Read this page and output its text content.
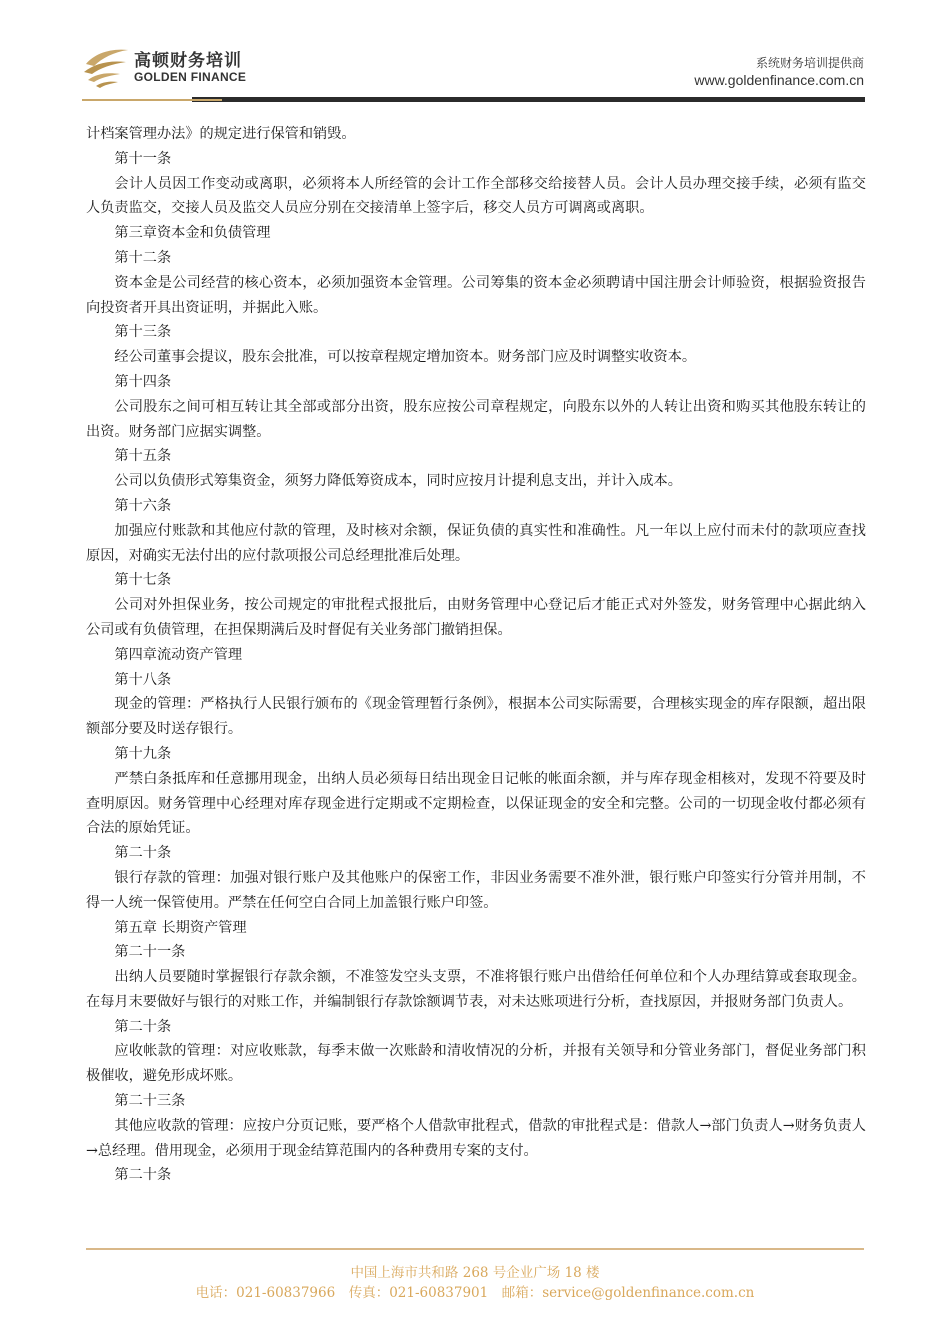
高顿财务培训
GOLDEN FINANCE
系统财务培训提供商
www.goldenfinance.com.cn

计档案管理办法》的规定进行保管和销毁。

第十一条

会计人员因工作变动或离职，必须将本人所经管的会计工作全部移交给接替人员。会计人员办理交接手续，必须有监交人负责监交，交接人员及监交人员应分别在交接清单上签字后，移交人员方可调离或离职。

第三章资本金和负债管理

第十二条

资本金是公司经营的核心资本，必须加强资本金管理。公司筹集的资本金必须聘请中国注册会计师验资，根据验资报告向投资者开具出资证明，并据此入账。

第十三条

经公司董事会提议，股东会批准，可以按章程规定增加资本。财务部门应及时调整实收资本。

第十四条

公司股东之间可相互转让其全部或部分出资，股东应按公司章程规定，向股东以外的人转让出资和购买其他股东转让的出资。财务部门应据实调整。

第十五条

公司以负债形式筹集资金，须努力降低筹资成本，同时应按月计提利息支出，并计入成本。

第十六条

加强应付账款和其他应付款的管理，及时核对余额，保证负债的真实性和准确性。凡一年以上应付而未付的款项应查找原因，对确实无法付出的应付款项报公司总经理批准后处理。

第十七条

公司对外担保业务，按公司规定的审批程式报批后，由财务管理中心登记后才能正式对外签发，财务管理中心据此纳入公司或有负债管理，在担保期满后及时督促有关业务部门撤销担保。

第四章流动资产管理

第十八条

现金的管理：严格执行人民银行颁布的《现金管理暂行条例》，根据本公司实际需要，合理核实现金的库存限额，超出限额部分要及时送存银行。

第十九条

严禁白条抵库和任意挪用现金，出纳人员必须每日结出现金日记帐的帐面余额，并与库存现金相核对，发现不符要及时查明原因。财务管理中心经理对库存现金进行定期或不定期检查，以保证现金的安全和完整。公司的一切现金收付都必须有合法的原始凭证。

第二十条

银行存款的管理：加强对银行账户及其他账户的保密工作，非因业务需要不准外泄，银行账户印签实行分管并用制，不得一人统一保管使用。严禁在任何空白合同上加盖银行账户印签。

第五章 长期资产管理

第二十一条

出纳人员要随时掌握银行存款余额，不准签发空头支票，不准将银行账户出借给任何单位和个人办理结算或套取现金。在每月末要做好与银行的对账工作，并编制银行存款馀额调节表，对未达账项进行分析，查找原因，并报财务部门负责人。

第二十条

应收帐款的管理：对应收账款，每季末做一次账龄和清收情况的分析，并报有关领导和分管业务部门，督促业务部门积极催收，避免形成坏账。

第二十三条

其他应收款的管理：应按户分页记账，要严格个人借款审批程式，借款的审批程式是：借款人→部门负责人→财务负责人→总经理。借用现金，必须用于现金结算范围内的各种费用专案的支付。

第二十条

中国上海市共和路 268 号企业广场 18 楼
电话：021-60837966　传真：021-60837901　邮箱：service@goldenfinance.com.cn
